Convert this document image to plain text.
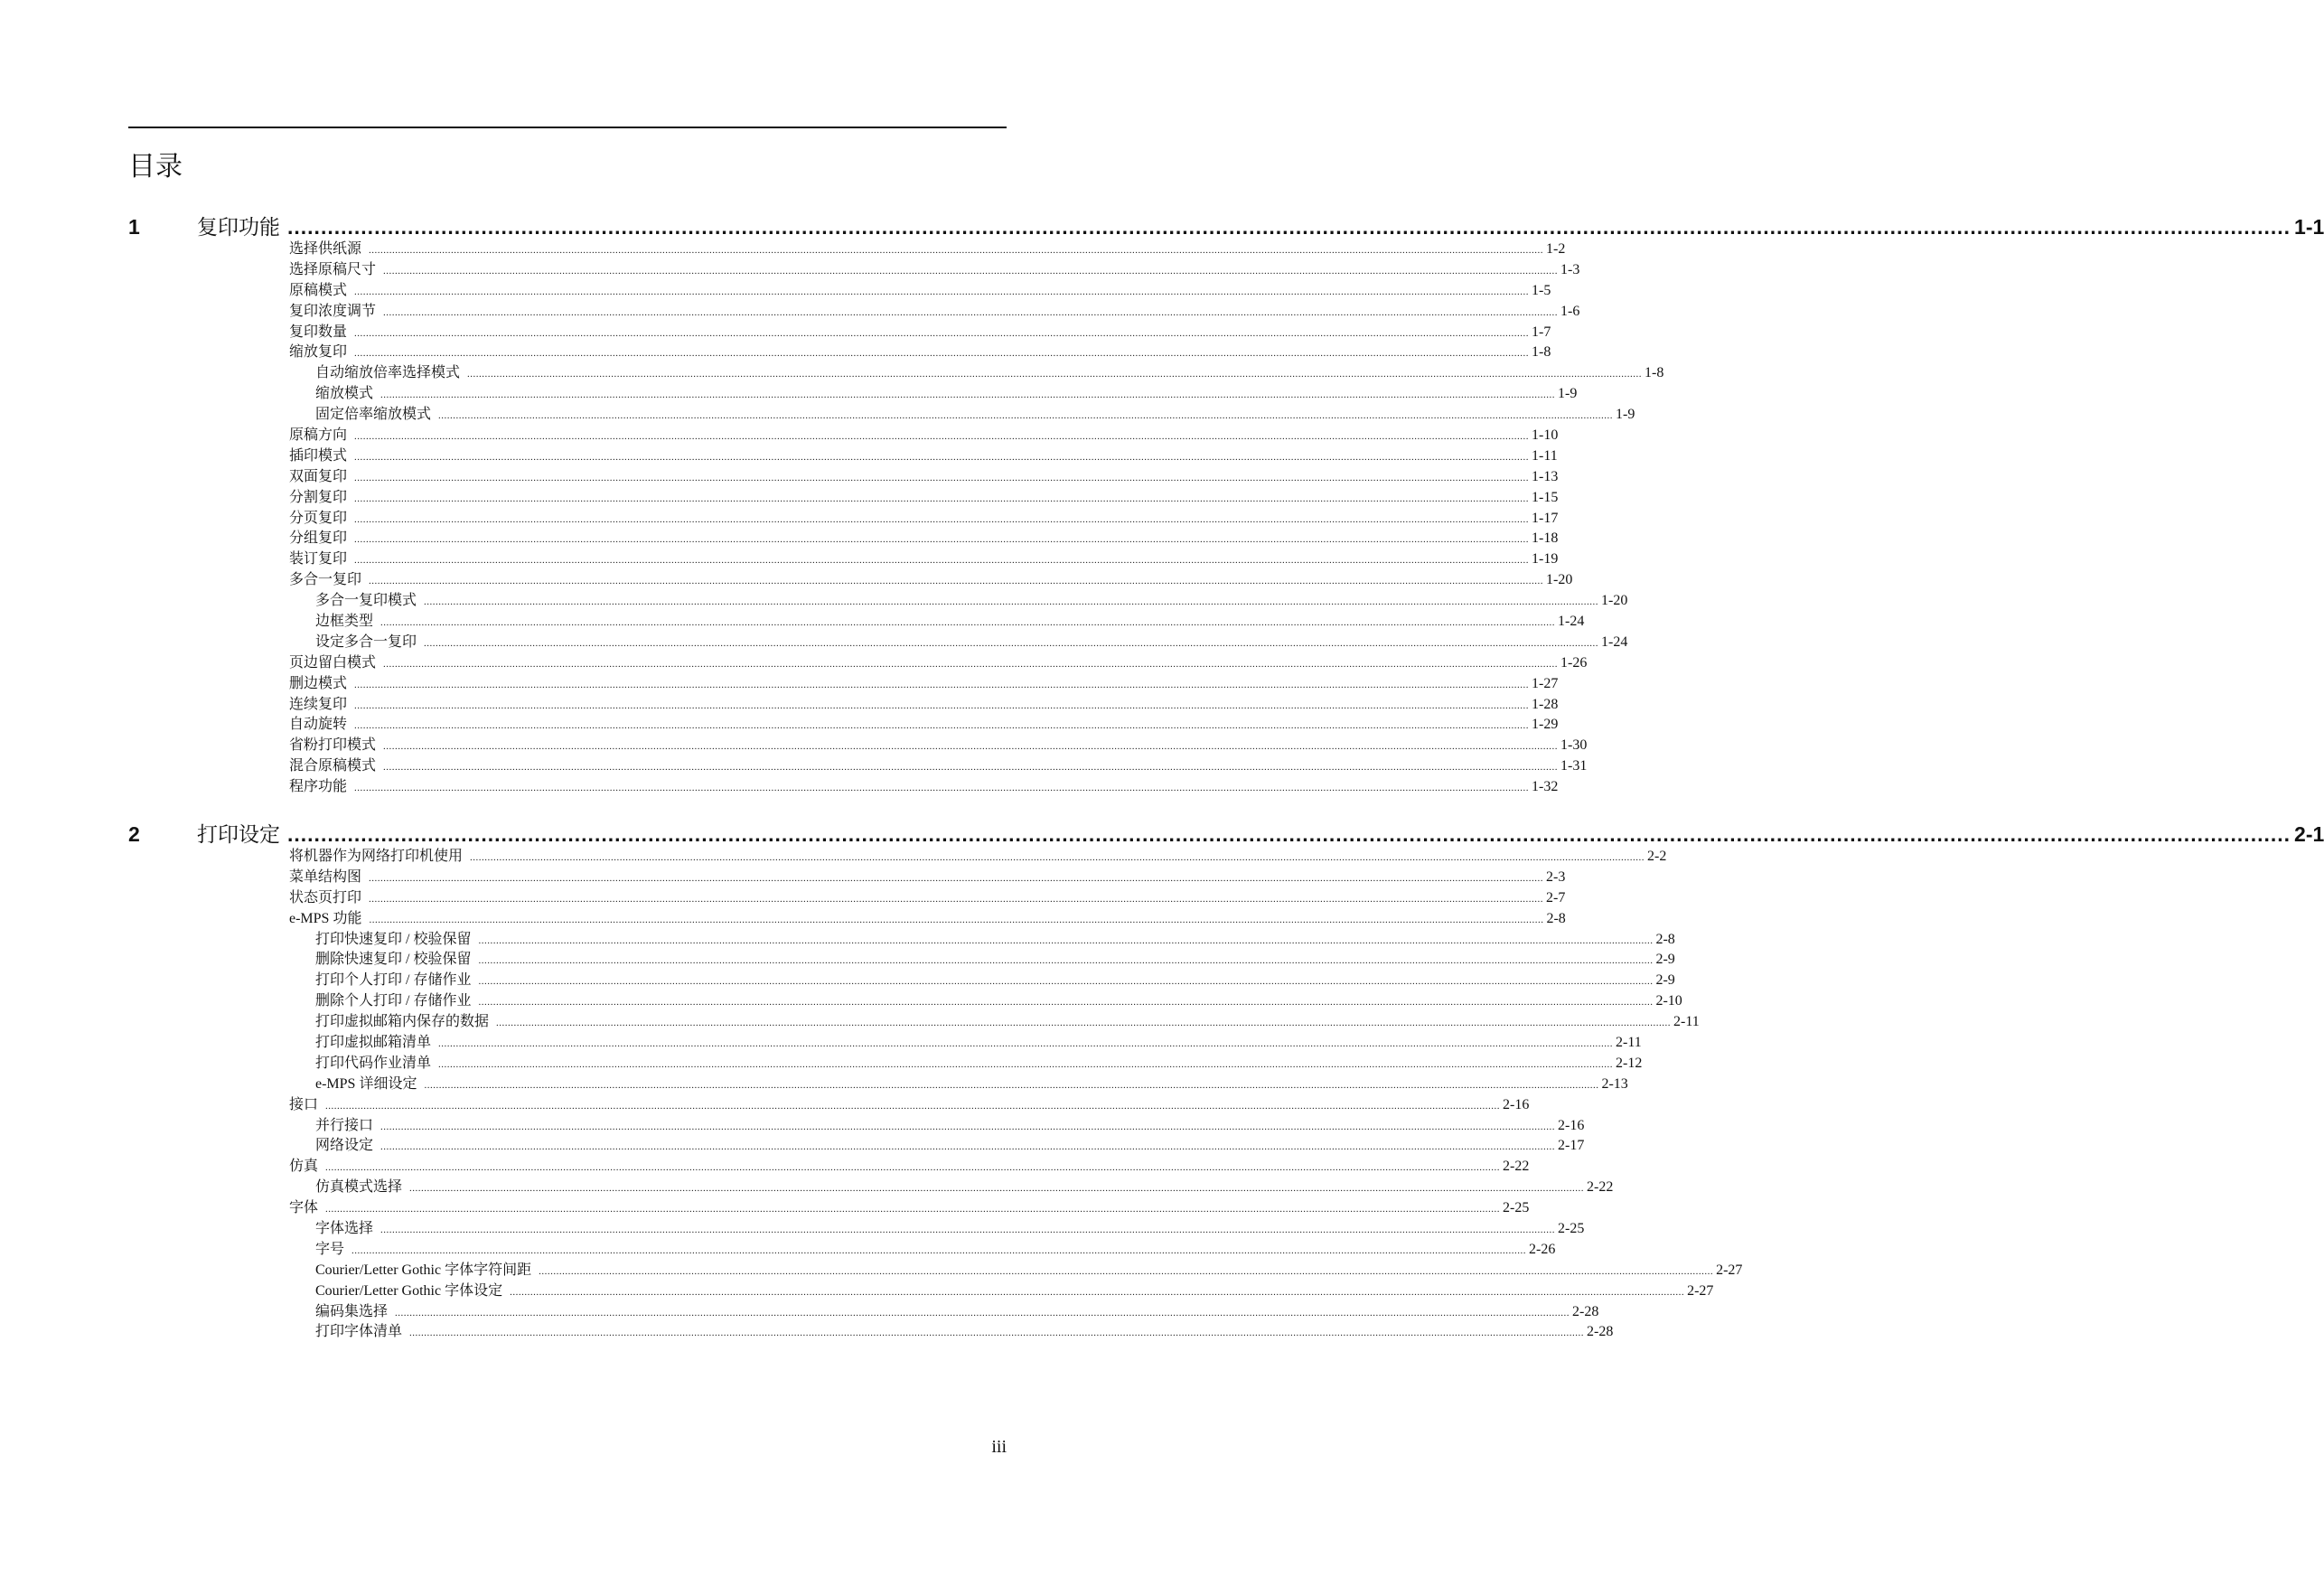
目录
1	复印功能 ............................................................................................................................................................................................................................................................................................................ 1-1
选择供纸源 ................................................................................................................................................................................................................................................................................................................................................................................................................ 1-2
选择原稿尺寸 ................................................................................................................................................................................................................................................................................................................................................................................................................ 1-3
原稿模式 ................................................................................................................................................................................................................................................................................................................................................................................................................ 1-5
复印浓度调节 ................................................................................................................................................................................................................................................................................................................................................................................................................ 1-6
复印数量 ................................................................................................................................................................................................................................................................................................................................................................................................................ 1-7
缩放复印 ................................................................................................................................................................................................................................................................................................................................................................................................................ 1-8
自动缩放倍率选择模式 ................................................................................................................................................................................................................................................................................................................................................................................................................ 1-8
缩放模式 ................................................................................................................................................................................................................................................................................................................................................................................................................ 1-9
固定倍率缩放模式 ................................................................................................................................................................................................................................................................................................................................................................................................................ 1-9
原稿方向 ................................................................................................................................................................................................................................................................................................................................................................................................................ 1-10
插印模式 ................................................................................................................................................................................................................................................................................................................................................................................................................ 1-11
双面复印 ................................................................................................................................................................................................................................................................................................................................................................................................................ 1-13
分割复印 ................................................................................................................................................................................................................................................................................................................................................................................................................ 1-15
分页复印 ................................................................................................................................................................................................................................................................................................................................................................................................................ 1-17
分组复印 ................................................................................................................................................................................................................................................................................................................................................................................................................ 1-18
装订复印 ................................................................................................................................................................................................................................................................................................................................................................................................................ 1-19
多合一复印 ................................................................................................................................................................................................................................................................................................................................................................................................................ 1-20
多合一复印模式 ................................................................................................................................................................................................................................................................................................................................................................................................................ 1-20
边框类型 ................................................................................................................................................................................................................................................................................................................................................................................................................ 1-24
设定多合一复印 ................................................................................................................................................................................................................................................................................................................................................................................................................ 1-24
页边留白模式 ................................................................................................................................................................................................................................................................................................................................................................................................................ 1-26
删边模式 ................................................................................................................................................................................................................................................................................................................................................................................................................ 1-27
连续复印 ................................................................................................................................................................................................................................................................................................................................................................................................................ 1-28
自动旋转 ................................................................................................................................................................................................................................................................................................................................................................................................................ 1-29
省粉打印模式 ................................................................................................................................................................................................................................................................................................................................................................................................................ 1-30
混合原稿模式 ................................................................................................................................................................................................................................................................................................................................................................................................................ 1-31
程序功能 ................................................................................................................................................................................................................................................................................................................................................................................................................ 1-32
2	打印设定 ............................................................................................................................................................................................................................................................................................................ 2-1
将机器作为网络打印机使用 ................................................................................................................................................................................................................................................................................................................................................................................................................ 2-2
菜单结构图 ................................................................................................................................................................................................................................................................................................................................................................................................................ 2-3
状态页打印 ................................................................................................................................................................................................................................................................................................................................................................................................................ 2-7
e-MPS 功能 ................................................................................................................................................................................................................................................................................................................................................................................................................ 2-8
打印快速复印 / 校验保留 ................................................................................................................................................................................................................................................................................................................................................................................................................ 2-8
删除快速复印 / 校验保留 ................................................................................................................................................................................................................................................................................................................................................................................................................ 2-9
打印个人打印 / 存储作业 ................................................................................................................................................................................................................................................................................................................................................................................................................ 2-9
删除个人打印 / 存储作业 ................................................................................................................................................................................................................................................................................................................................................................................................................ 2-10
打印虚拟邮箱内保存的数据 ................................................................................................................................................................................................................................................................................................................................................................................................................ 2-11
打印虚拟邮箱清单 ................................................................................................................................................................................................................................................................................................................................................................................................................ 2-11
打印代码作业清单 ................................................................................................................................................................................................................................................................................................................................................................................................................ 2-12
e-MPS 详细设定 ................................................................................................................................................................................................................................................................................................................................................................................................................ 2-13
接口 ................................................................................................................................................................................................................................................................................................................................................................................................................ 2-16
并行接口 ................................................................................................................................................................................................................................................................................................................................................................................................................ 2-16
网络设定 ................................................................................................................................................................................................................................................................................................................................................................................................................ 2-17
仿真 ................................................................................................................................................................................................................................................................................................................................................................................................................ 2-22
仿真模式选择 ................................................................................................................................................................................................................................................................................................................................................................................................................ 2-22
字体 ................................................................................................................................................................................................................................................................................................................................................................................................................ 2-25
字体选择 ................................................................................................................................................................................................................................................................................................................................................................................................................ 2-25
字号 ................................................................................................................................................................................................................................................................................................................................................................................................................ 2-26
Courier/Letter Gothic 字体字符间距 ................................................................................................................................................................................................................................................................................................................................................................................................................ 2-27
Courier/Letter Gothic 字体设定 ................................................................................................................................................................................................................................................................................................................................................................................................................ 2-27
编码集选择 ................................................................................................................................................................................................................................................................................................................................................................................................................ 2-28
打印字体清单 ................................................................................................................................................................................................................................................................................................................................................................................................................ 2-28
iii
